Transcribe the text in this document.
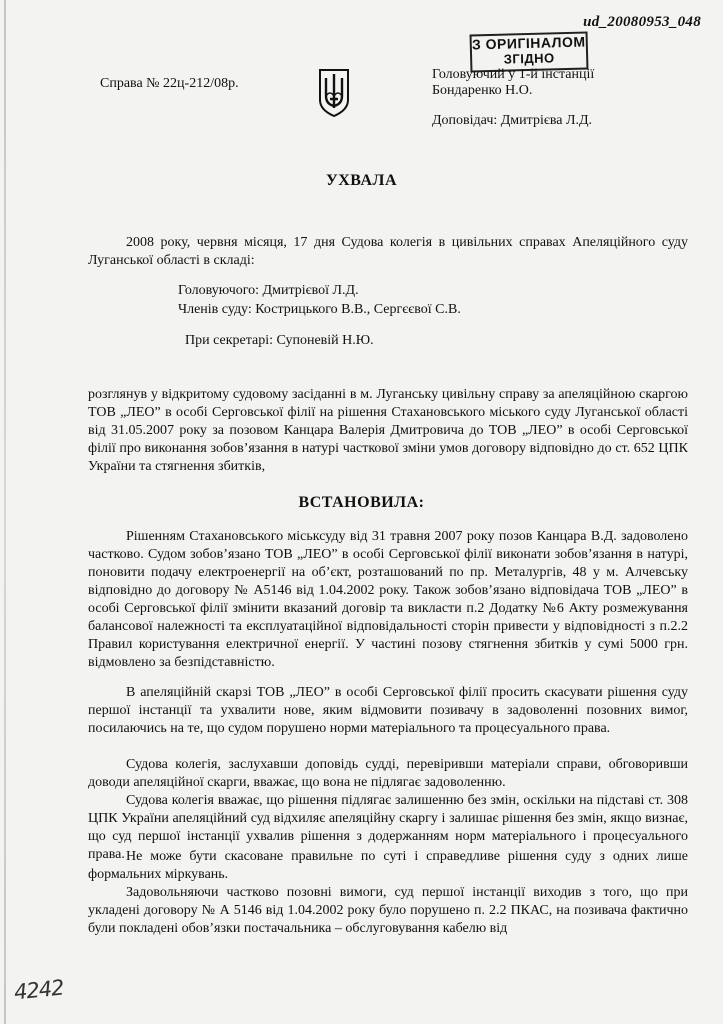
ud_20080953_048
З ОРИГІНАЛОМ
ЗГІДНО
Справа № 22ц-212/08р.
Головуючий у 1-й інстанції
Бондаренко Н.О.
Доповідач: Дмитрієва Л.Д.
УХВАЛА
2008 року, червня місяця, 17 дня Судова колегія в цивільних справах Апеляційного суду Луганської області в складі:
Головуючого: Дмитрієвої Л.Д.
Членів суду: Кострицького В.В., Сергєєвої С.В.
При секретарі: Супоневій Н.Ю.
розглянув у відкритому судовому засіданні в м. Луганську цивільну справу за апеляційною скаргою ТОВ „ЛЕО” в особі Серговської філії на рішення Стахановського міського суду Луганської області від 31.05.2007 року за позовом Канцара Валерія Дмитровича до ТОВ „ЛЕО” в особі Серговської філії про виконання зобов’язання в натурі часткової зміни умов договору відповідно до ст. 652 ЦПК України та стягнення збитків,
ВСТАНОВИЛА:
Рішенням Стахановського міськсуду від 31 травня 2007 року позов Канцара В.Д. задоволено частково. Судом зобов’язано ТОВ „ЛЕО” в особі Серговської філії виконати зобов’язання в натурі, поновити подачу електроенергії на об’єкт, розташований по пр. Металургів, 48 у м. Алчевську відповідно до договору № А5146 від 1.04.2002 року. Також зобов’язано відповідача ТОВ „ЛЕО” в особі Серговської філії змінити вказаний договір та викласти п.2 Додатку №6 Акту розмежування балансової належності та експлуатаційної відповідальності сторін привести у відповідності з п.2.2 Правил користування електричної енергії. У частині позову стягнення збитків у сумі 5000 грн. відмовлено за безпідставністю.
В апеляційній скарзі ТОВ „ЛЕО” в особі Серговської філії просить скасувати рішення суду першої інстанції та ухвалити нове, яким відмовити позивачу в задоволенні позовних вимог, посилаючись на те, що судом порушено норми матеріального та процесуального права.
Судова колегія, заслухавши доповідь судді, перевіривши матеріали справи, обговоривши доводи апеляційної скарги, вважає, що вона не підлягає задоволенню.
Судова колегія вважає, що рішення підлягає залишенню без змін, оскільки на підставі ст. 308 ЦПК України апеляційний суд відхиляє апеляційну скаргу і залишає рішення без змін, якщо визнає, що суд першої інстанції ухвалив рішення з додержанням норм матеріального і процесуального права. Не може бути скасоване правильне по суті і справедливе рішення суду з одних лише формальних міркувань.
Задовольняючи частково позовні вимоги, суд першої інстанції виходив з того, що при укладені договору № А 5146 від 1.04.2002 року було порушено п. 2.2 ПКАС, на позивача фактично були покладені обов’язки постачальника – обслуговування кабелю від
4242
